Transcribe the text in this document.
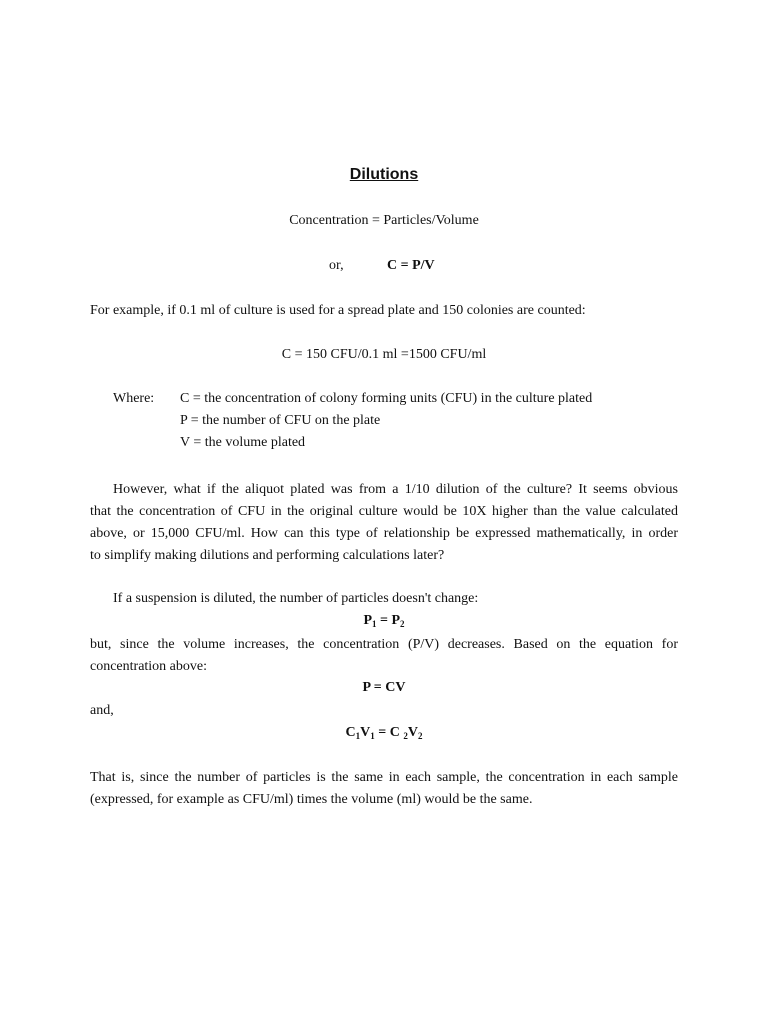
Dilutions
Concentration = Particles/Volume
or,	C = P/V
For example, if 0.1 ml of culture is used for a spread plate and 150 colonies are counted:
C = 150 CFU/0.1 ml =1500 CFU/ml
Where: C = the concentration of colony forming units (CFU) in the culture plated
P = the number of CFU on the plate
V = the volume plated
However, what if the aliquot plated was from a 1/10 dilution of the culture? It seems obvious
that the concentration of CFU in the original culture would be 10X higher than the value calculated
above, or 15,000 CFU/ml. How can this type of relationship be expressed mathematically, in order
to simplify making dilutions and performing calculations later?
If a suspension is diluted, the number of particles doesn't change:
$P_1 = P_2$
but, since the volume increases, the concentration (P/V) decreases. Based on the equation for
concentration above:
P = CV
and,
$C_1V_1 = C$ $_2V_2$
That is, since the number of particles is the same in each sample, the concentration in each sample
(expressed, for example as CFU/ml) times the volume (ml) would be the same.
